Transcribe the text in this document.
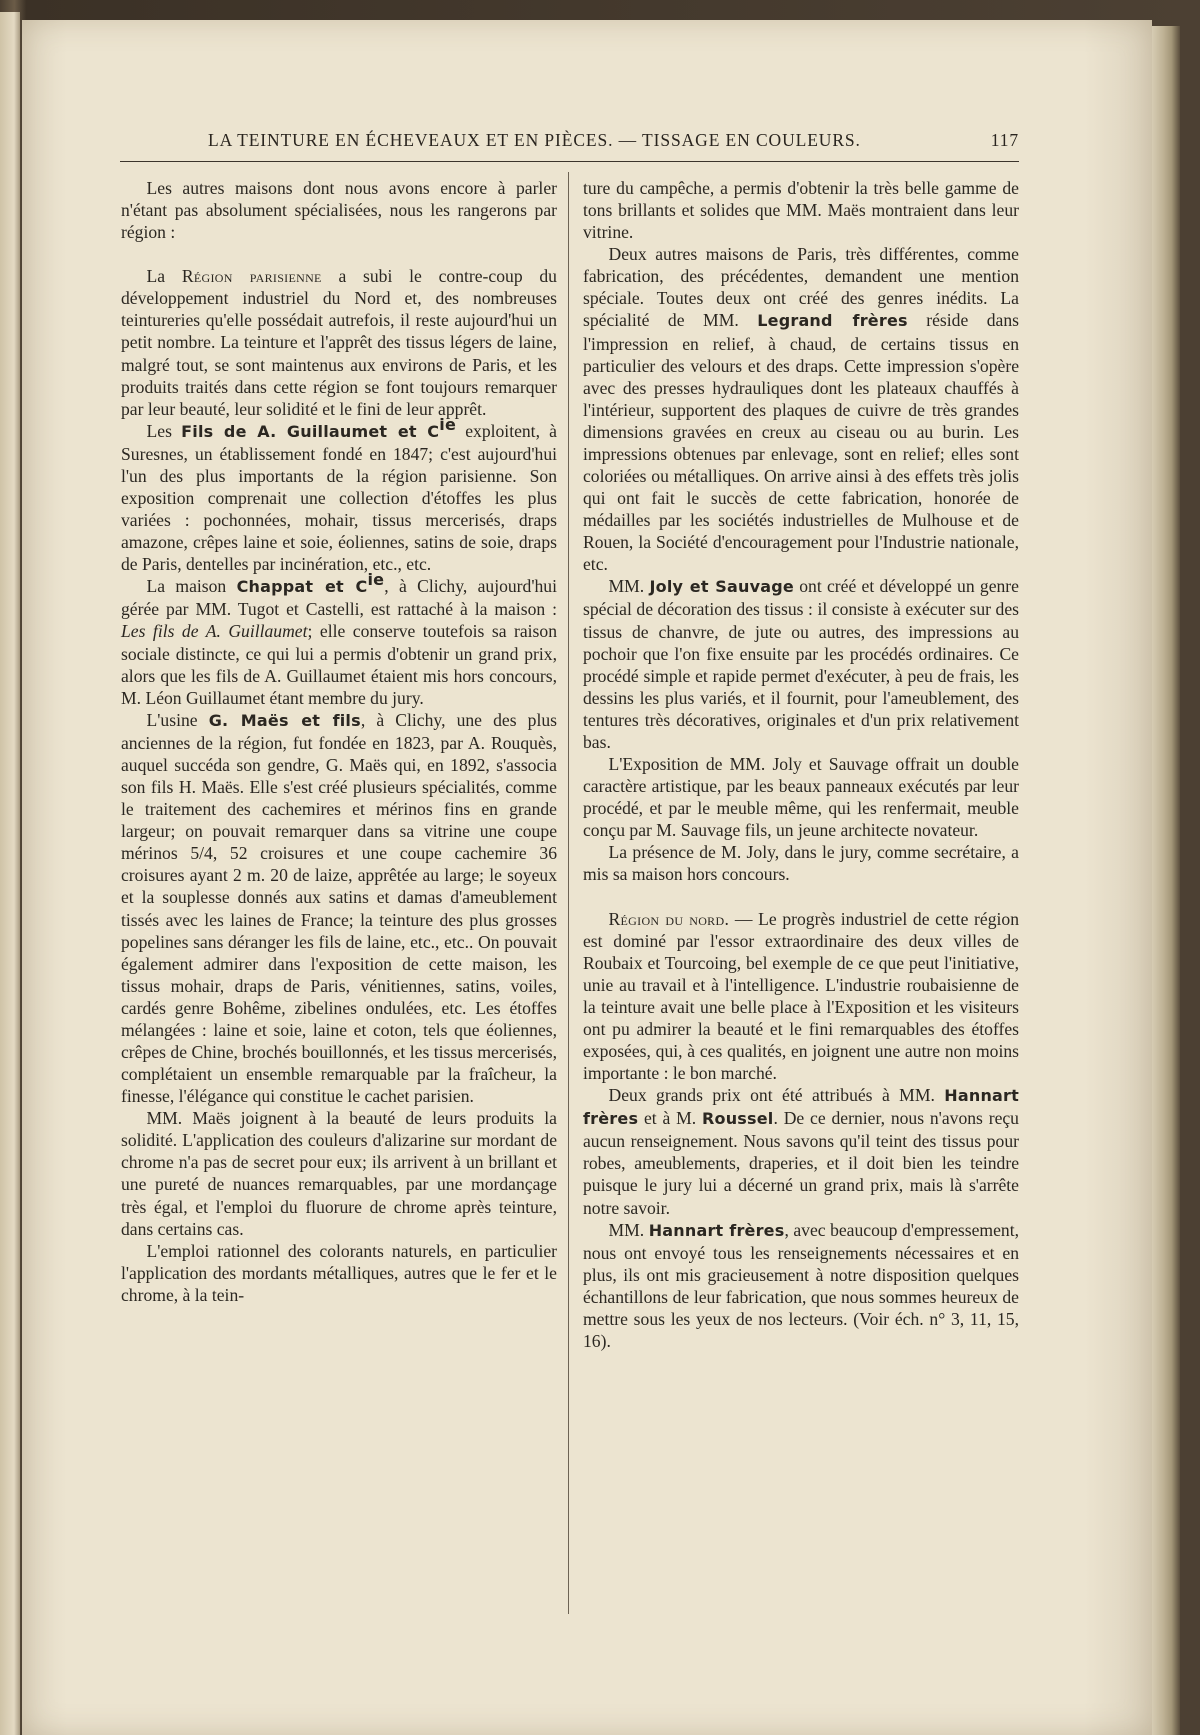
LA TEINTURE EN ÉCHEVEAUX ET EN PIÈCES. — TISSAGE EN COULEURS.	117

Les autres maisons dont nous avons encore à parler n'étant pas absolument spécialisées, nous les rangerons par région :

La Région parisienne a subi le contre-coup du développement industriel du Nord et, des nombreuses teintureries qu'elle possédait autrefois, il reste aujourd'hui un petit nombre. La teinture et l'apprêt des tissus légers de laine, malgré tout, se sont maintenus aux environs de Paris, et les produits traités dans cette région se font toujours remarquer par leur beauté, leur solidité et le fini de leur apprêt.

Les Fils de A. Guillaumet et $C^{ie}$ exploitent, à Suresnes, un établissement fondé en 1847; c'est aujourd'hui l'un des plus importants de la région parisienne. Son exposition comprenait une collection d'étoffes les plus variées : pochonnées, mohair, tissus mercerisés, draps amazone, crêpes laine et soie, éoliennes, satins de soie, draps de Paris, dentelles par incinération, etc., etc.

La maison Chappat et $C^{ie}$, à Clichy, aujourd'hui gérée par MM. Tugot et Castelli, est rattaché à la maison : Les fils de A. Guillaumet; elle conserve toutefois sa raison sociale distincte, ce qui lui a permis d'obtenir un grand prix, alors que les fils de A. Guillaumet étaient mis hors concours, M. Léon Guillaumet étant membre du jury.

L'usine G. Maës et fils, à Clichy, une des plus anciennes de la région, fut fondée en 1823, par A. Rouquès, auquel succéda son gendre, G. Maës qui, en 1892, s'associa son fils H. Maës. Elle s'est créé plusieurs spécialités, comme le traitement des cachemires et mérinos fins en grande largeur; on pouvait remarquer dans sa vitrine une coupe mérinos 5/4, 52 croisures et une coupe cachemire 36 croisures ayant 2 m. 20 de laize, apprêtée au large; le soyeux et la souplesse donnés aux satins et damas d'ameublement tissés avec les laines de France; la teinture des plus grosses popelines sans déranger les fils de laine, etc., etc.. On pouvait également admirer dans l'exposition de cette maison, les tissus mohair, draps de Paris, vénitiennes, satins, voiles, cardés genre Bohême, zibelines ondulées, etc. Les étoffes mélangées : laine et soie, laine et coton, tels que éoliennes, crêpes de Chine, brochés bouillonnés, et les tissus mercerisés, complétaient un ensemble remarquable par la fraîcheur, la finesse, l'élégance qui constitue le cachet parisien.

MM. Maës joignent à la beauté de leurs produits la solidité. L'application des couleurs d'alizarine sur mordant de chrome n'a pas de secret pour eux; ils arrivent à un brillant et une pureté de nuances remarquables, par une mordançage très égal, et l'emploi du fluorure de chrome après teinture, dans certains cas.

L'emploi rationnel des colorants naturels, en particulier l'application des mordants métalliques, autres que le fer et le chrome, à la tein-

ture du campêche, a permis d'obtenir la très belle gamme de tons brillants et solides que MM. Maës montraient dans leur vitrine.

Deux autres maisons de Paris, très différentes, comme fabrication, des précédentes, demandent une mention spéciale. Toutes deux ont créé des genres inédits. La spécialité de MM. Legrand frères réside dans l'impression en relief, à chaud, de certains tissus en particulier des velours et des draps. Cette impression s'opère avec des presses hydrauliques dont les plateaux chauffés à l'intérieur, supportent des plaques de cuivre de très grandes dimensions gravées en creux au ciseau ou au burin. Les impressions obtenues par enlevage, sont en relief; elles sont coloriées ou métalliques. On arrive ainsi à des effets très jolis qui ont fait le succès de cette fabrication, honorée de médailles par les sociétés industrielles de Mulhouse et de Rouen, la Société d'encouragement pour l'Industrie nationale, etc.

MM. Joly et Sauvage ont créé et développé un genre spécial de décoration des tissus : il consiste à exécuter sur des tissus de chanvre, de jute ou autres, des impressions au pochoir que l'on fixe ensuite par les procédés ordinaires. Ce procédé simple et rapide permet d'exécuter, à peu de frais, les dessins les plus variés, et il fournit, pour l'ameublement, des tentures très décoratives, originales et d'un prix relativement bas.

L'Exposition de MM. Joly et Sauvage offrait un double caractère artistique, par les beaux panneaux exécutés par leur procédé, et par le meuble même, qui les renfermait, meuble conçu par M. Sauvage fils, un jeune architecte novateur.

La présence de M. Joly, dans le jury, comme secrétaire, a mis sa maison hors concours.

Région du nord. — Le progrès industriel de cette région est dominé par l'essor extraordinaire des deux villes de Roubaix et Tourcoing, bel exemple de ce que peut l'initiative, unie au travail et à l'intelligence. L'industrie roubaisienne de la teinture avait une belle place à l'Exposition et les visiteurs ont pu admirer la beauté et le fini remarquables des étoffes exposées, qui, à ces qualités, en joignent une autre non moins importante : le bon marché.

Deux grands prix ont été attribués à MM. Hannart frères et à M. Roussel. De ce dernier, nous n'avons reçu aucun renseignement. Nous savons qu'il teint des tissus pour robes, ameublements, draperies, et il doit bien les teindre puisque le jury lui a décerné un grand prix, mais là s'arrête notre savoir.

MM. Hannart frères, avec beaucoup d'empressement, nous ont envoyé tous les renseignements nécessaires et en plus, ils ont mis gracieusement à notre disposition quelques échantillons de leur fabrication, que nous sommes heureux de mettre sous les yeux de nos lecteurs. (Voir éch. n° 3, 11, 15, 16).
